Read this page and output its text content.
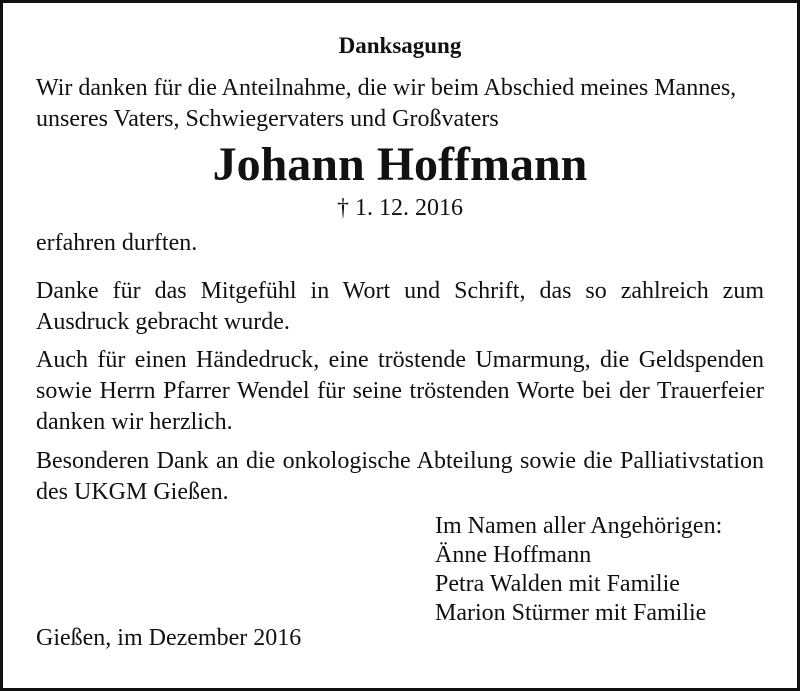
Danksagung

Wir danken für die Anteilnahme, die wir beim Abschied meines Mannes, unseres Vaters, Schwiegervaters und Großvaters

Johann Hoffmann

† 1. 12. 2016

erfahren durften.

Danke für das Mitgefühl in Wort und Schrift, das so zahlreich zum Ausdruck gebracht wurde.

Auch für einen Händedruck, eine tröstende Umarmung, die Geldspenden sowie Herrn Pfarrer Wendel für seine tröstenden Worte bei der Trauerfeier danken wir herzlich.

Besonderen Dank an die onkologische Abteilung sowie die Palliativstation des UKGM Gießen.

Im Namen aller Angehörigen:
Änne Hoffmann
Petra Walden mit Familie
Marion Stürmer mit Familie
Gießen, im Dezember 2016
